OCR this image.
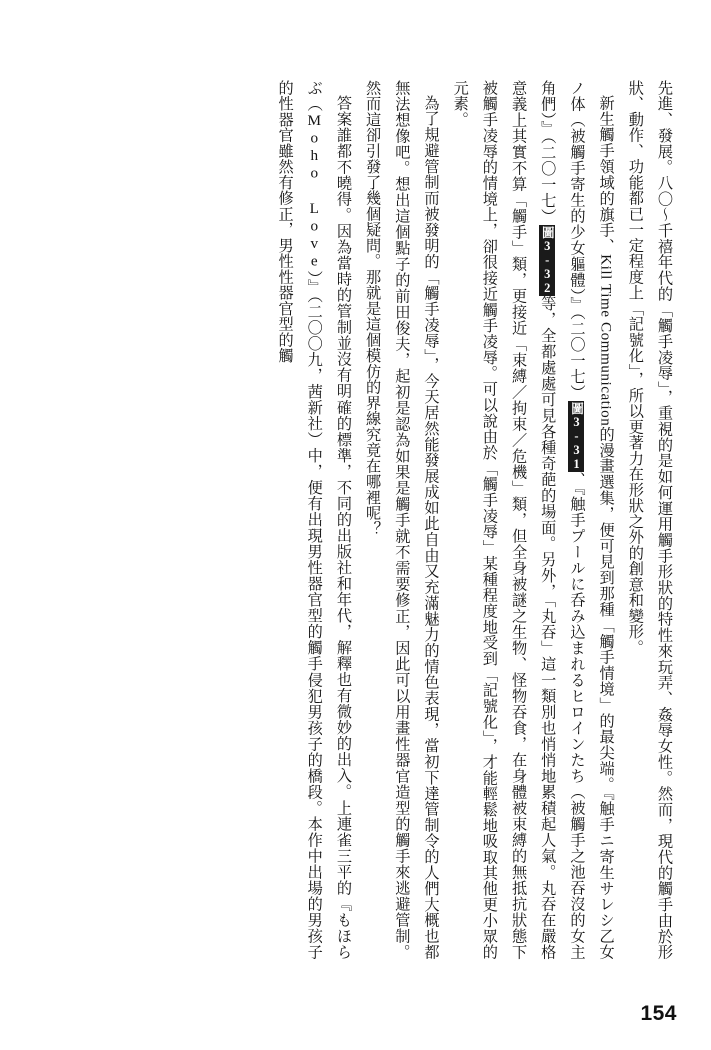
先進、發展。八〇～千禧年代的「觸手凌辱」，重視的是如何運用觸手形狀的特性來玩弄、姦辱女性。然而，現代的觸手由於形狀、動作、功能都已一定程度上「記號化」，所以更著力在形狀之外的創意和變形。

新生觸手領域的旗手、Kill Time Communication的漫畫選集，便可見到那種「觸手情境」的最尖端。『触手ニ寄生サレシ乙女ノ体（被觸手寄生的少女軀體）』（二〇一七）圖3-31、『触手プールに呑み込まれるヒロインたち（被觸手之池吞沒的女主角們）』（二〇一七）圖3-32等，全都處處可見各種奇葩的場面。另外，「丸吞」這一類別也悄悄地累積起人氣。丸吞在嚴格意義上其實不算「觸手」類，更接近「束縛／拘束／危機」類，但全身被謎之生物、怪物吞食，在身體被束縛的無抵抗狀態下被觸手凌辱的情境上，卻很接近觸手凌辱。可以說由於「觸手凌辱」某種程度地受到「記號化」，才能輕鬆地吸取其他更小眾的元素。

為了規避管制而被發明的「觸手凌辱」，今天居然能發展成如此自由又充滿魅力的情色表現，當初下達管制令的人們大概也都無法想像吧。想出這個點子的前田俊夫，起初是認為如果是觸手就不需要修正，因此可以用畫性器官造型的觸手來逃避管制。然而這卻引發了幾個疑問。那就是這個模仿的界線究竟在哪裡呢？

答案誰都不曉得。因為當時的管制並沒有明確的標準，不同的出版社和年代，解釋也有微妙的出入。上連雀三平的『もほらぶ（Moho Love）』（二〇〇九，茜新社）中，便有出現男性器官型的觸手侵犯男孩子的橋段。本作中出場的男孩子的性器官雖然有修正，男性性器官型的觸

154
